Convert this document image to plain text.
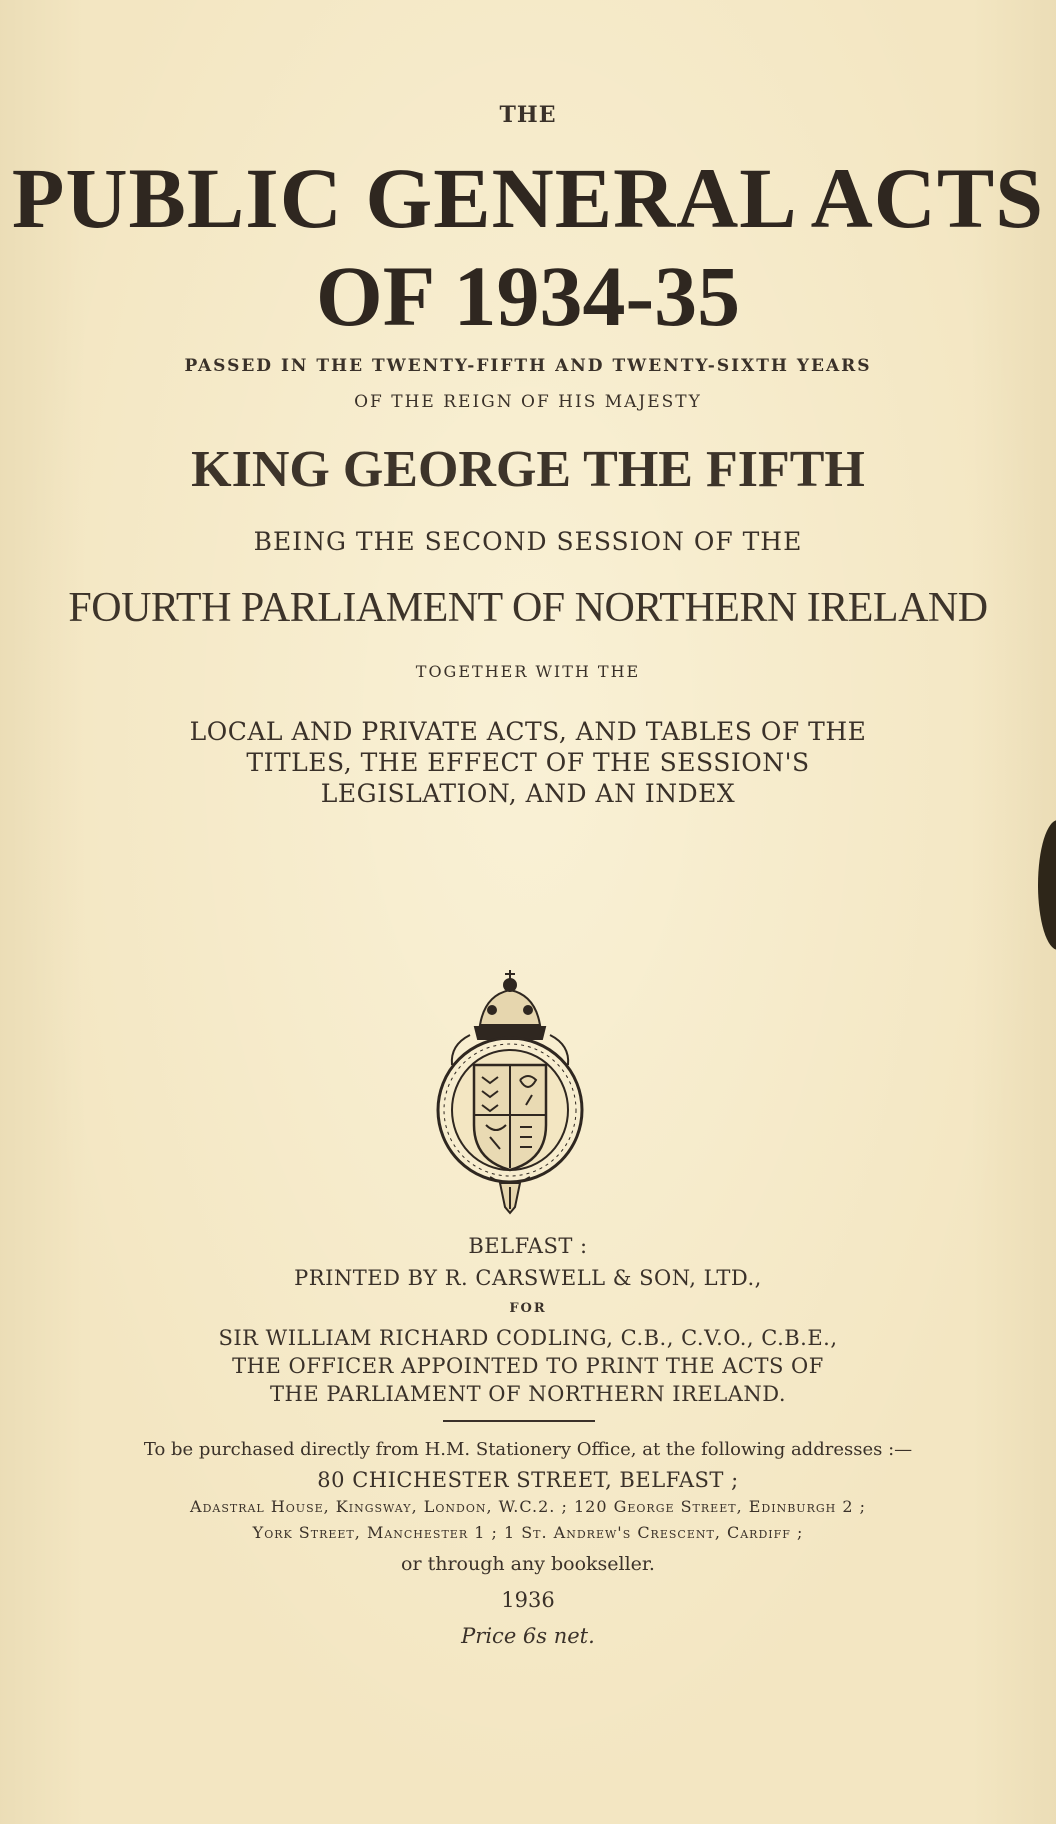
THE
PUBLIC GENERAL ACTS
OF 1934-35
PASSED IN THE TWENTY-FIFTH AND TWENTY-SIXTH YEARS
OF THE REIGN OF HIS MAJESTY
KING GEORGE THE FIFTH
BEING THE SECOND SESSION OF THE
FOURTH PARLIAMENT OF NORTHERN IRELAND
TOGETHER WITH THE
LOCAL AND PRIVATE ACTS, AND TABLES OF THE
TITLES, THE EFFECT OF THE SESSION'S
LEGISLATION, AND AN INDEX
BELFAST :
PRINTED BY R. CARSWELL & SON, LTD.,
FOR
SIR WILLIAM RICHARD CODLING, C.B., C.V.O., C.B.E.,
THE OFFICER APPOINTED TO PRINT THE ACTS OF
THE PARLIAMENT OF NORTHERN IRELAND.
To be purchased directly from H.M. Stationery Office, at the following addresses :—
80 CHICHESTER STREET, BELFAST ;
Adastral House, Kingsway, London, W.C.2. ; 120 George Street, Edinburgh 2 ;
York Street, Manchester 1 ; 1 St. Andrew's Crescent, Cardiff ;
or through any bookseller.
1936
Price 6s net.
